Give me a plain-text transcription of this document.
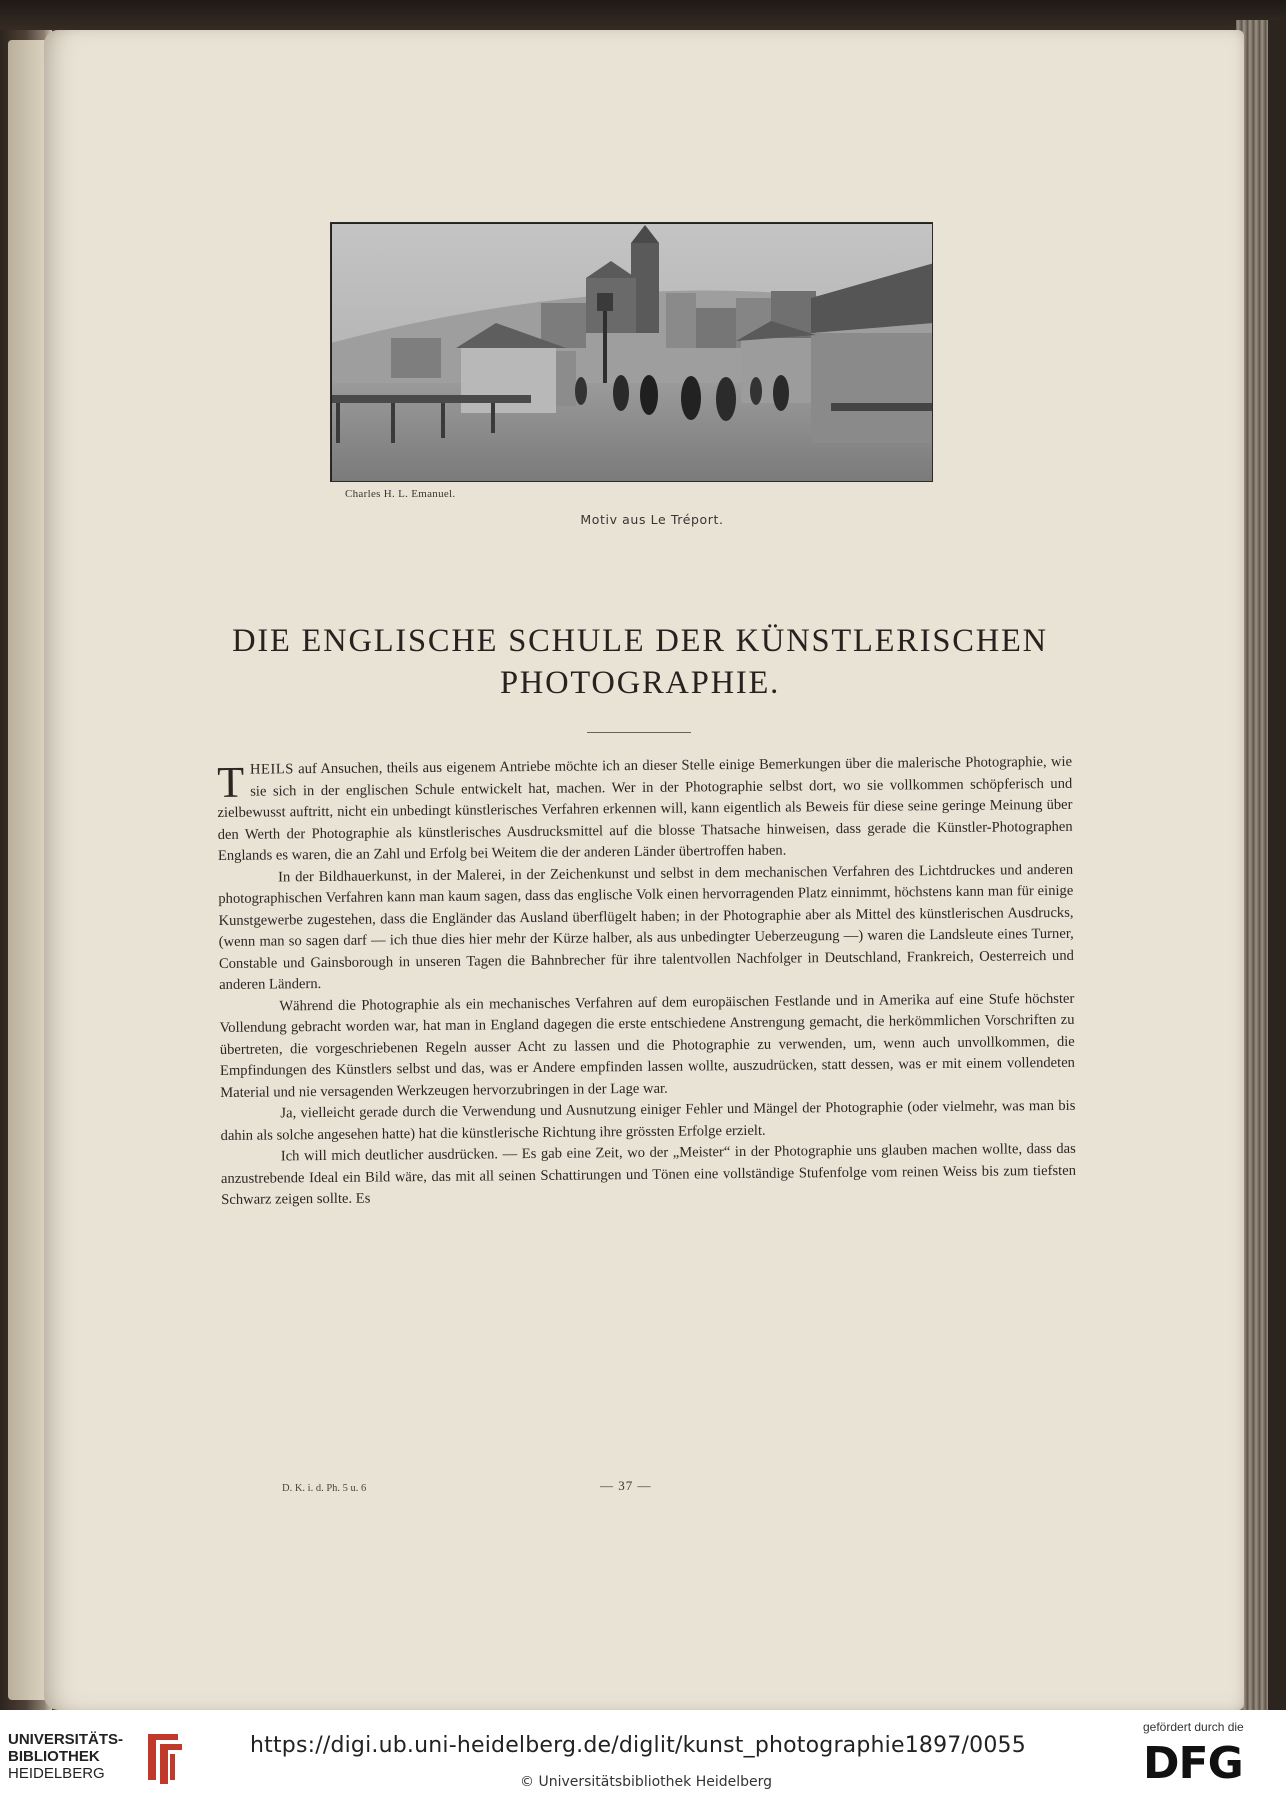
Charles H. L. Emanuel.
Motiv aus Le Tréport.
DIE ENGLISCHE SCHULE DER KÜNSTLERISCHEN
PHOTOGRAPHIE.

THEILS auf Ansuchen, theils aus eigenem Antriebe möchte ich an dieser Stelle einige Bemerkungen über die malerische Photographie, wie sie sich in der englischen Schule entwickelt hat, machen. Wer in der Photographie selbst dort, wo sie vollkommen schöpferisch und zielbewusst auftritt, nicht ein unbedingt künstlerisches Verfahren erkennen will, kann eigentlich als Beweis für diese seine geringe Meinung über den Werth der Photographie als künstlerisches Ausdrucksmittel auf die blosse Thatsache hinweisen, dass gerade die Künstler-Photographen Englands es waren, die an Zahl und Erfolg bei Weitem die der anderen Länder übertroffen haben.

In der Bildhauerkunst, in der Malerei, in der Zeichenkunst und selbst in dem mechanischen Verfahren des Lichtdruckes und anderen photographischen Verfahren kann man kaum sagen, dass das englische Volk einen hervorragenden Platz einnimmt, höchstens kann man für einige Kunstgewerbe zugestehen, dass die Engländer das Ausland überflügelt haben; in der Photographie aber als Mittel des künstlerischen Ausdrucks, (wenn man so sagen darf — ich thue dies hier mehr der Kürze halber, als aus unbedingter Ueberzeugung —) waren die Landsleute eines Turner, Constable und Gainsborough in unseren Tagen die Bahnbrecher für ihre talentvollen Nachfolger in Deutschland, Frankreich, Oesterreich und anderen Ländern.

Während die Photographie als ein mechanisches Verfahren auf dem europäischen Festlande und in Amerika auf eine Stufe höchster Vollendung gebracht worden war, hat man in England dagegen die erste entschiedene Anstrengung gemacht, die herkömmlichen Vorschriften zu übertreten, die vorgeschriebenen Regeln ausser Acht zu lassen und die Photographie zu verwenden, um, wenn auch unvollkommen, die Empfindungen des Künstlers selbst und das, was er Andere empfinden lassen wollte, auszudrücken, statt dessen, was er mit einem vollendeten Material und nie versagenden Werkzeugen hervorzubringen in der Lage war.

Ja, vielleicht gerade durch die Verwendung und Ausnutzung einiger Fehler und Mängel der Photographie (oder vielmehr, was man bis dahin als solche angesehen hatte) hat die künstlerische Richtung ihre grössten Erfolge erzielt.

Ich will mich deutlicher ausdrücken. — Es gab eine Zeit, wo der „Meister“ in der Photographie uns glauben machen wollte, dass das anzustrebende Ideal ein Bild wäre, das mit all seinen Schattirungen und Tönen eine vollständige Stufenfolge vom reinen Weiss bis zum tiefsten Schwarz zeigen sollte. Es

D. K. i. d. Ph. 5 u. 6	— 37 —
UNIVERSITÄTS-
BIBLIOTHEK
HEIDELBERG
https://digi.ub.uni-heidelberg.de/diglit/kunst_photographie1897/0055
© Universitätsbibliothek Heidelberg
gefördert durch die
DFG
